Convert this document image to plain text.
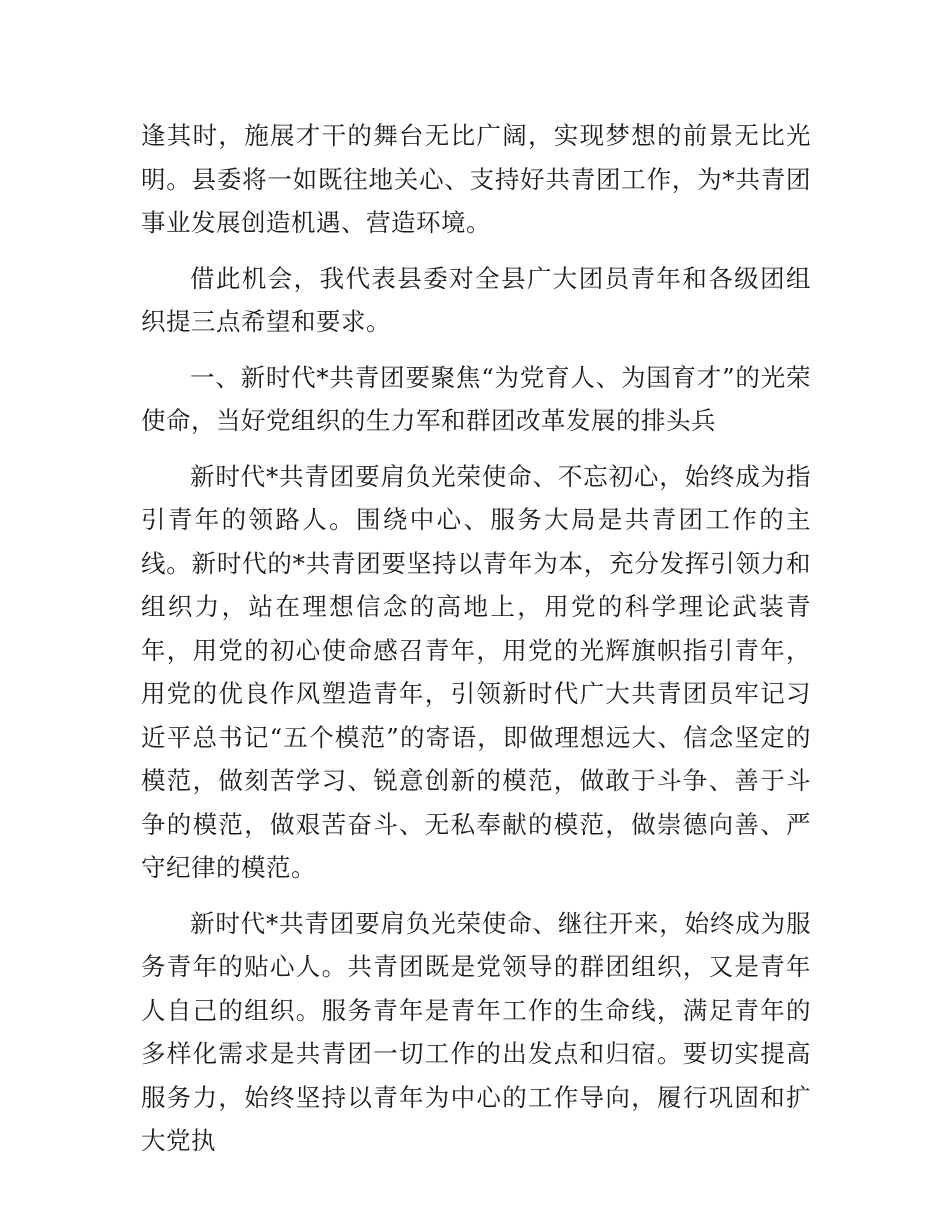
逢其时，施展才干的舞台无比广阔，实现梦想的前景无比光明。县委将一如既往地关心、支持好共青团工作，为*共青团事业发展创造机遇、营造环境。

借此机会，我代表县委对全县广大团员青年和各级团组织提三点希望和要求。

一、新时代*共青团要聚焦“为党育人、为国育才”的光荣使命，当好党组织的生力军和群团改革发展的排头兵

新时代*共青团要肩负光荣使命、不忘初心，始终成为指引青年的领路人。围绕中心、服务大局是共青团工作的主线。新时代的*共青团要坚持以青年为本，充分发挥引领力和组织力，站在理想信念的高地上，用党的科学理论武装青年，用党的初心使命感召青年，用党的光辉旗帜指引青年，用党的优良作风塑造青年，引领新时代广大共青团员牢记习近平总书记“五个模范”的寄语，即做理想远大、信念坚定的模范，做刻苦学习、锐意创新的模范，做敢于斗争、善于斗争的模范，做艰苦奋斗、无私奉献的模范，做崇德向善、严守纪律的模范。

新时代*共青团要肩负光荣使命、继往开来，始终成为服务青年的贴心人。共青团既是党领导的群团组织，又是青年人自己的组织。服务青年是青年工作的生命线，满足青年的多样化需求是共青团一切工作的出发点和归宿。要切实提高服务力，始终坚持以青年为中心的工作导向，履行巩固和扩大党执
